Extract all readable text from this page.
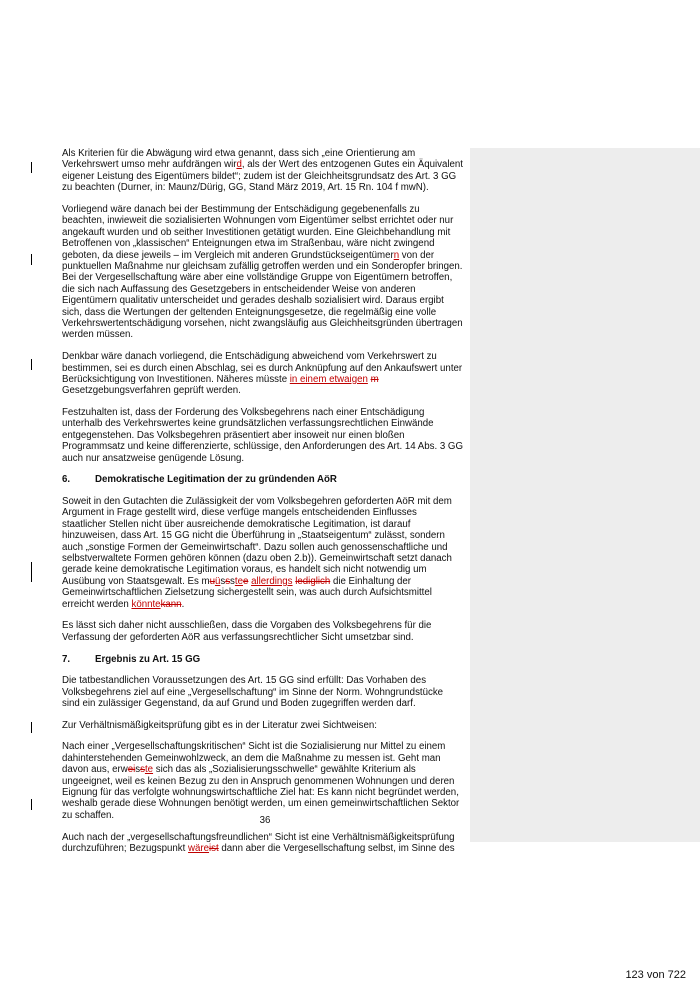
Als Kriterien für die Abwägung wird etwa genannt, dass sich „eine Orientierung am Verkehrswert umso mehr aufdrängen wird, als der Wert des entzogenen Gutes ein Äquivalent eigener Leistung des Eigentümers bildet“; zudem ist der Gleichheitsgrundsatz des Art. 3 GG zu beachten (Durner, in: Maunz/Dürig, GG, Stand März 2019, Art. 15 Rn. 104 f mwN).

Vorliegend wäre danach bei der Bestimmung der Entschädigung gegebenenfalls zu beachten, inwieweit die sozialisierten Wohnungen vom Eigentümer selbst errichtet oder nur angekauft wurden und ob seither Investitionen getätigt wurden. Eine Gleichbehandlung mit Betroffenen von „klassischen“ Enteignungen etwa im Straßenbau, wäre nicht zwingend geboten, da diese jeweils – im Vergleich mit anderen Grundstückseigentümern von der punktuellen Maßnahme nur gleichsam zufällig getroffen werden und ein Sonderopfer bringen. Bei der Vergesellschaftung wäre aber eine vollständige Gruppe von Eigentümern betroffen, die sich nach Auffassung des Gesetzgebers in entscheidender Weise von anderen Eigentümern qualitativ unterscheidet und gerades deshalb sozialisiert wird. Daraus ergibt sich, dass die Wertungen der geltenden Enteignungsgesetze, die regelmäßig eine volle Verkehrswertentschädigung vorsehen, nicht zwangsläufig aus Gleichheitsgründen übertragen werden müssen.

Denkbar wäre danach vorliegend, die Entschädigung abweichend vom Verkehrswert zu bestimmen, sei es durch einen Abschlag, sei es durch Anknüpfung auf den Ankaufswert unter Berücksichtigung von Investitionen. Näheres müsste in einem etwaigen m Gesetzgebungsverfahren geprüft werden.

Festzuhalten ist, dass der Forderung des Volksbegehrens nach einer Entschädigung unterhalb des Verkehrswertes keine grundsätzlichen verfassungsrechtlichen Einwände entgegenstehen. Das Volksbegehren präsentiert aber insoweit nur einen bloßen Programmsatz und keine differenzierte, schlüssige, den Anforderungen des Art. 14 Abs. 3 GG auch nur ansatzweise genügende Lösung.

6.	Demokratische Legitimation der zu gründenden AöR

Soweit in den Gutachten die Zulässigkeit der vom Volksbegehren geforderten AöR mit dem Argument in Frage gestellt wird, diese verfüge mangels entscheidenden Einflusses staatlicher Stellen nicht über ausreichende demokratische Legitimation, ist darauf hinzuweisen, dass Art. 15 GG nicht die Überführung in „Staatseigentum“ zulässt, sondern auch „sonstige Formen der Gemeinwirtschaft“. Dazu sollen auch genossenschaftliche und selbstverwaltete Formen gehören können (dazu oben 2.b)). Gemeinwirtschaft setzt danach gerade keine demokratische Legitimation voraus, es handelt sich nicht notwendig um Ausübung von Staatsgewalt. Es muüssstee allerdings lediglich die Einhaltung der Gemeinwirtschaftlichen Zielsetzung sichergestellt sein, was auch durch Aufsichtsmittel erreicht werden könntekann.

Es lässt sich daher nicht ausschließen, dass die Vorgaben des Volksbegehrens für die Verfassung der geforderten AöR aus verfassungsrechtlicher Sicht umsetzbar sind.

7.	Ergebnis zu Art. 15 GG

Die tatbestandlichen Voraussetzungen des Art. 15 GG sind erfüllt: Das Vorhaben des Volksbegehrens ziel auf eine „Vergesellschaftung“ im Sinne der Norm. Wohngrundstücke sind ein zulässiger Gegenstand, da auf Grund und Boden zugegriffen werden darf.

Zur Verhältnismäßigkeitsprüfung gibt es in der Literatur zwei Sichtweisen:

Nach einer „Vergesellschaftungskritischen“ Sicht ist die Sozialisierung nur Mittel zu einem dahinterstehenden Gemeinwohlzweck, an dem die Maßnahme zu messen ist. Geht man davon aus, erweisste sich das als „Sozialisierungsschwelle“ gewählte Kriterium als ungeeignet, weil es keinen Bezug zu den in Anspruch genommenen Wohnungen und deren Eignung für das verfolgte wohnungswirtschaftliche Ziel hat: Es kann nicht begründet werden, weshalb gerade diese Wohnungen benötigt werden, um einen gemeinwirtschaftlichen Sektor zu schaffen.

Auch nach der „vergesellschaftungsfreundlichen“ Sicht ist eine Verhältnismäßigkeitsprüfung durchzuführen; Bezugspunkt wäreist dann aber die Vergesellschaftung selbst, im Sinne des

36
123 von 722
